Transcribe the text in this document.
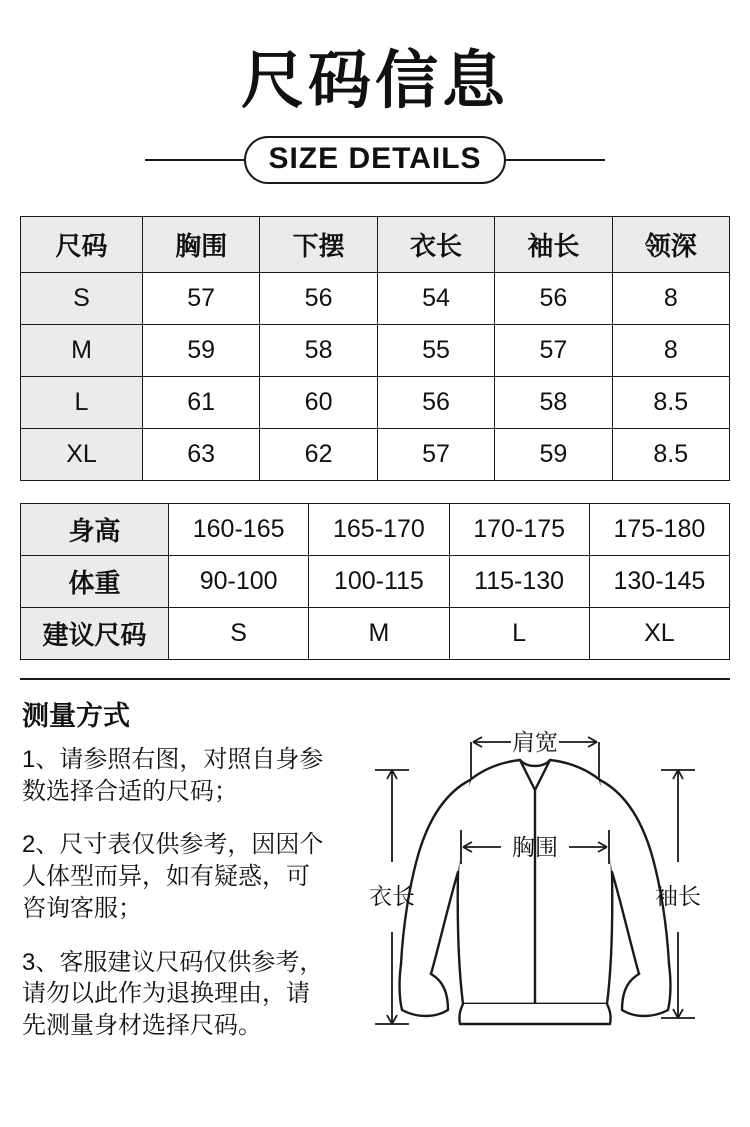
尺码信息
SIZE DETAILS
尺码	胸围	下摆	衣长	袖长	领深
S	57	56	54	56	8
M	59	58	55	57	8
L	61	60	56	58	8.5
XL	63	62	57	59	8.5
身高	160-165	165-170	170-175	175-180
体重	90-100	100-115	115-130	130-145
建议尺码	S	M	L	XL
测量方式
1、请参照右图，对照自身参数选择合适的尺码；
2、尺寸表仅供参考，因因个人体型而异，如有疑惑，可咨询客服；
3、客服建议尺码仅供参考，请勿以此作为退换理由，请先测量身材选择尺码。
肩宽
胸围
衣长	袖长
